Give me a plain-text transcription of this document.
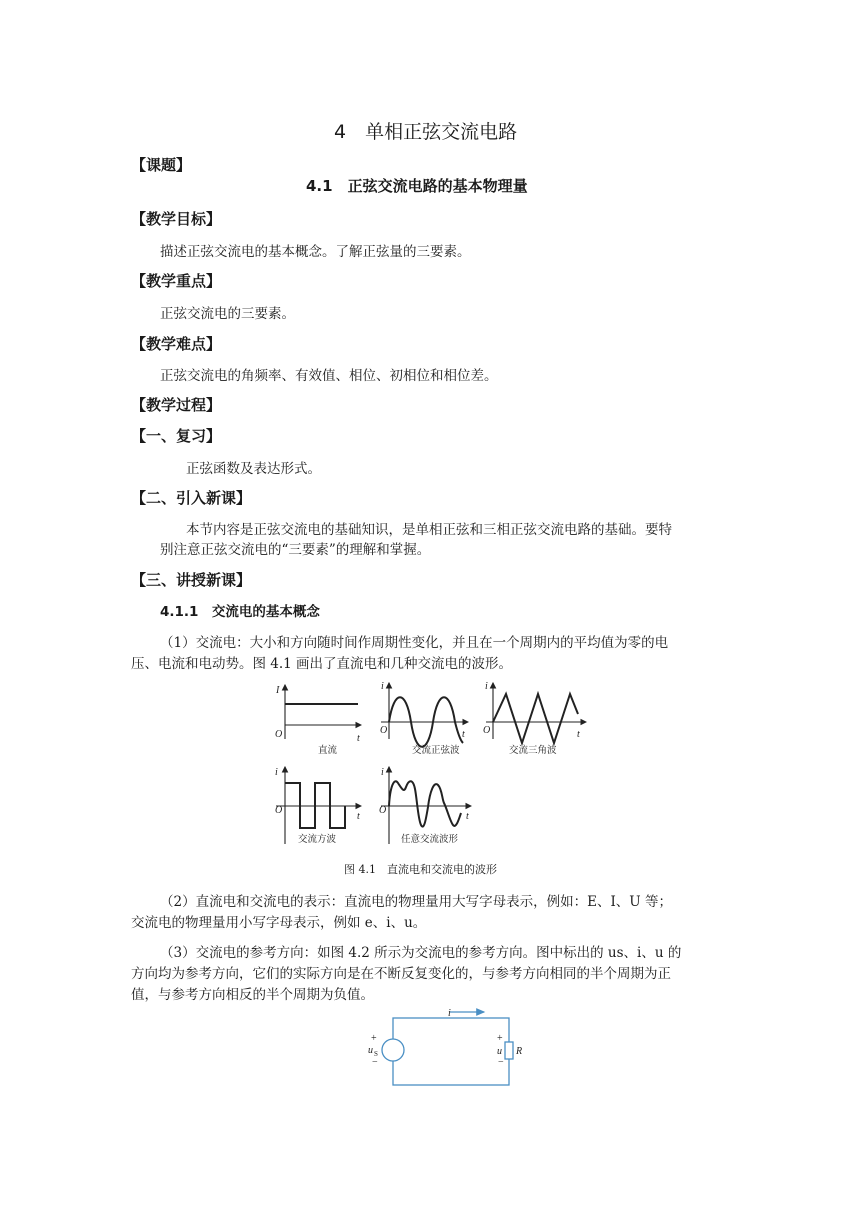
4　单相正弦交流电路
【课题】
4.1　正弦交流电路的基本物理量
【教学目标】
描述正弦交流电的基本概念。了解正弦量的三要素。
【教学重点】
正弦交流电的三要素。
【教学难点】
正弦交流电的角频率、有效值、相位、初相位和相位差。
【教学过程】
【一、复习】
正弦函数及表达形式。
【二、引入新课】
本节内容是正弦交流电的基础知识，是单相正弦和三相正弦交流电路的基础。要特
别注意正弦交流电的“三要素”的理解和掌握。
【三、讲授新课】
4.1.1　交流电的基本概念
（1）交流电：大小和方向随时间作周期性变化，并且在一个周期内的平均值为零的电
压、电流和电动势。图 4.1 画出了直流电和几种交流电的波形。
I
O	t
i
O	t
i
O	t
i
O
t
i
O
t
直流	交流正弦波	交流三角波
交流方波	任意交流波形
图 4.1　直流电和交流电的波形
（2）直流电和交流电的表示：直流电的物理量用大写字母表示，例如：E、I、U 等；
交流电的物理量用小写字母表示，例如 e、i、u。
（3）交流电的参考方向：如图 4.2 所示为交流电的参考方向。图中标出的 us、i、u 的
方向均为参考方向，它们的实际方向是在不断反复变化的，与参考方向相同的半个周期为正
值，与参考方向相反的半个周期为负值。
i
+
u S
−
+
u
−
R
